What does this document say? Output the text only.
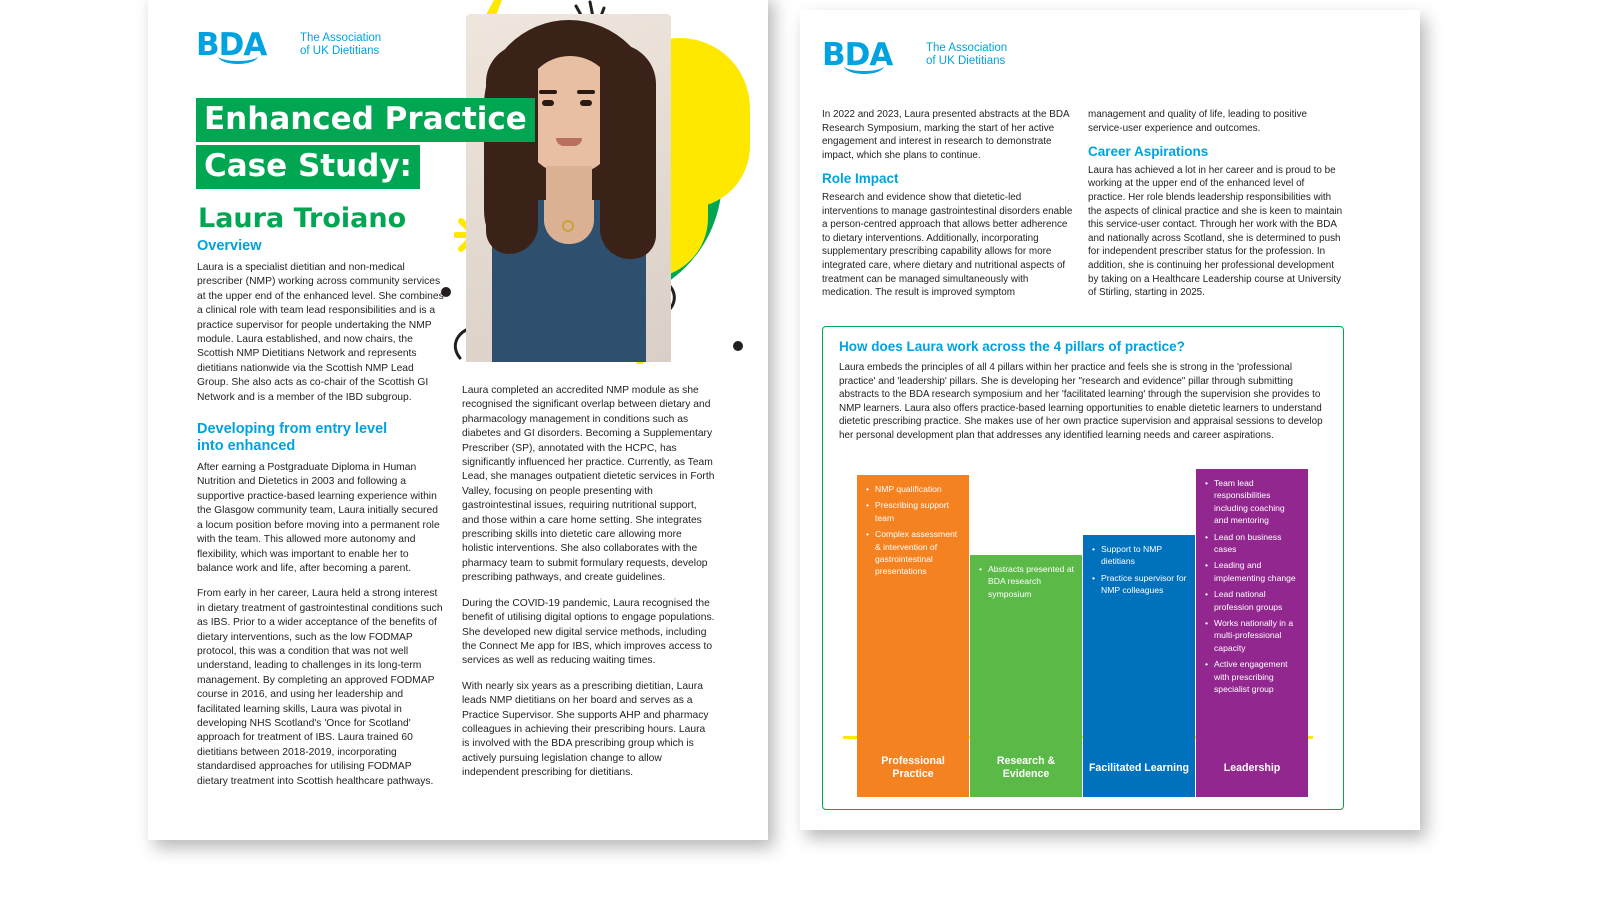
BDA	The Association
of UK Dietitians
Enhanced Practice
Case Study:
Laura Troiano
Overview

Laura is a specialist dietitian and non-medical prescriber (NMP) working across community services at the upper end of the enhanced level. She combines a clinical role with team lead responsibilities and is a practice supervisor for people undertaking the NMP module. Laura established, and now chairs, the Scottish NMP Dietitians Network and represents dietitians nationwide via the Scottish NMP Lead Group. She also acts as co-chair of the Scottish GI Network and is a member of the IBD subgroup.

Developing from entry level
into enhanced

After earning a Postgraduate Diploma in Human Nutrition and Dietetics in 2003 and following a supportive practice-based learning experience within the Glasgow community team, Laura initially secured a locum position before moving into a permanent role with the team. This allowed more autonomy and flexibility, which was important to enable her to balance work and life, after becoming a parent.

From early in her career, Laura held a strong interest in dietary treatment of gastrointestinal conditions such as IBS. Prior to a wider acceptance of the benefits of dietary interventions, such as the low FODMAP protocol, this was a condition that was not well understand, leading to challenges in its long-term management. By completing an approved FODMAP course in 2016, and using her leadership and facilitated learning skills, Laura was pivotal in developing NHS Scotland's 'Once for Scotland' approach for treatment of IBS. Laura trained 60 dietitians between 2018-2019, incorporating standardised approaches for utilising FODMAP dietary treatment into Scottish healthcare pathways.

Laura completed an accredited NMP module as she recognised the significant overlap between dietary and pharmacology management in conditions such as diabetes and GI disorders. Becoming a Supplementary Prescriber (SP), annotated with the HCPC, has significantly influenced her practice. Currently, as Team Lead, she manages outpatient dietetic services in Forth Valley, focusing on people presenting with gastrointestinal issues, requiring nutritional support, and those within a care home setting. She integrates prescribing skills into dietetic care allowing more holistic interventions. She also collaborates with the pharmacy team to submit formulary requests, develop prescribing pathways, and create guidelines.

During the COVID-19 pandemic, Laura recognised the benefit of utilising digital options to engage populations. She developed new digital service methods, including the Connect Me app for IBS, which improves access to services as well as reducing waiting times.

With nearly six years as a prescribing dietitian, Laura leads NMP dietitians on her board and serves as a Practice Supervisor. She supports AHP and pharmacy colleagues in achieving their prescribing hours. Laura is involved with the BDA prescribing group which is actively pursuing legislation change to allow independent prescribing for dietitians.

BDA	The Association
of UK Dietitians

In 2022 and 2023, Laura presented abstracts at the BDA Research Symposium, marking the start of her active engagement and interest in research to demonstrate impact, which she plans to continue.

Role Impact

Research and evidence show that dietetic-led interventions to manage gastrointestinal disorders enable a person-centred approach that allows better adherence to dietary interventions. Additionally, incorporating supplementary prescribing capability allows for more integrated care, where dietary and nutritional aspects of treatment can be managed simultaneously with medication. The result is improved symptom

management and quality of life, leading to positive service-user experience and outcomes.

Career Aspirations

Laura has achieved a lot in her career and is proud to be working at the upper end of the enhanced level of practice. Her role blends leadership responsibilities with the aspects of clinical practice and she is keen to maintain this service-user contact. Through her work with the BDA and nationally across Scotland, she is determined to push for independent prescriber status for the profession. In addition, she is continuing her professional development by taking on a Healthcare Leadership course at University of Stirling, starting in 2025.

How does Laura work across the 4 pillars of practice?
Laura embeds the principles of all 4 pillars within her practice and feels she is strong in the 'professional practice' and 'leadership' pillars. She is developing her "research and evidence" pillar through submitting abstracts to the BDA research symposium and her 'facilitated learning' through the supervision she provides to NMP learners. Laura also offers practice-based learning opportunities to enable dietetic learners to understand dietetic prescribing practice. She makes use of her own practice supervision and appraisal sessions to develop her personal development plan that addresses any identified learning needs and career aspirations.
• NMP qualification
• Prescribing support team
• Complex assessment & intervention of gastrointestinal presentations
Professional Practice
• Abstracts presented at BDA research symposium
Research & Evidence
• Support to NMP dietitians
• Practice supervisor for NMP colleagues
Facilitated Learning
• Team lead responsibilities including coaching and mentoring
• Lead on business cases
• Leading and implementing change
• Lead national profession groups
• Works nationally in a multi-professional capacity
• Active engagement with prescribing specialist group
Leadership
